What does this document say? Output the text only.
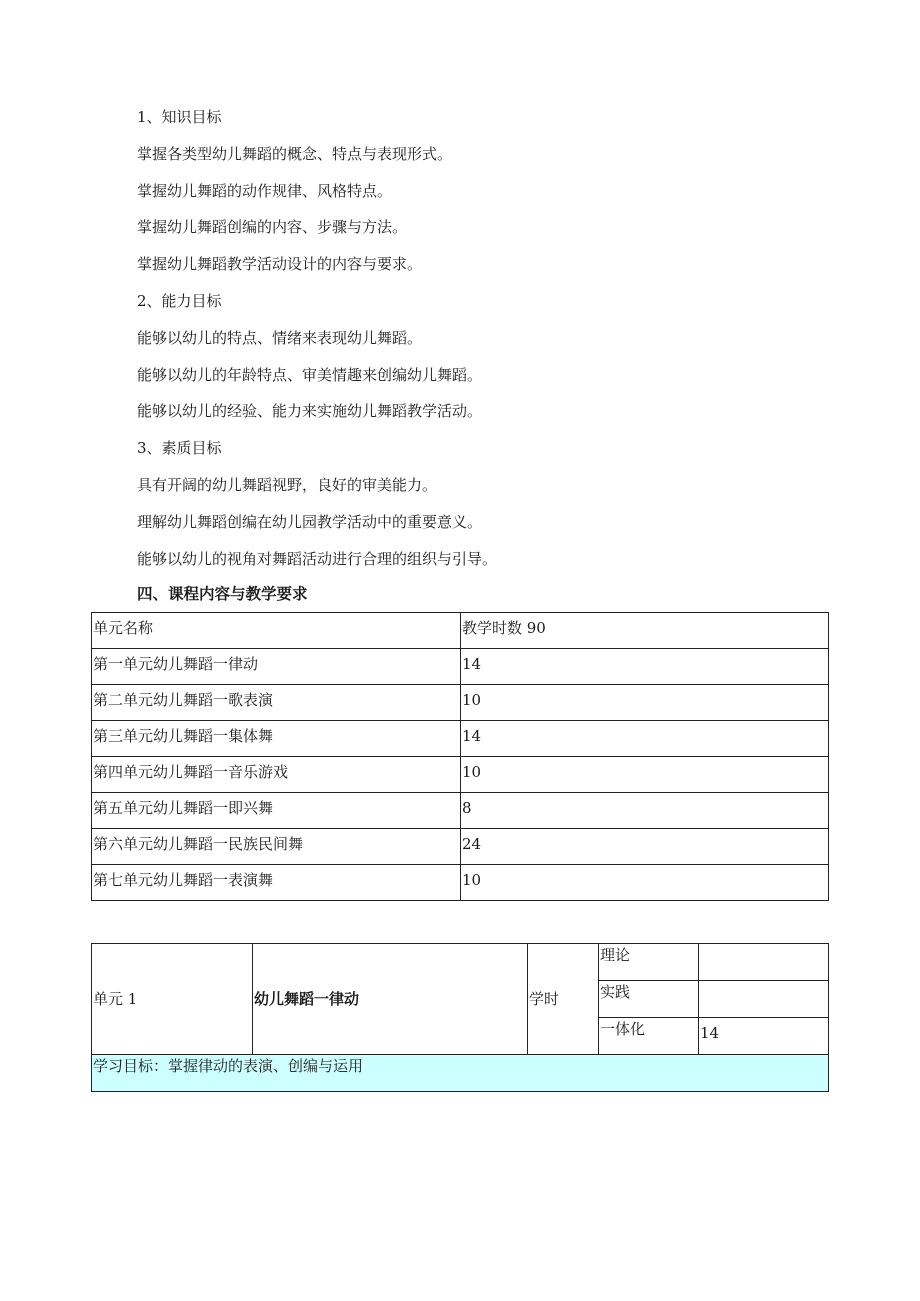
1、知识目标
掌握各类型幼儿舞蹈的概念、特点与表现形式。
掌握幼儿舞蹈的动作规律、风格特点。
掌握幼儿舞蹈创编的内容、步骤与方法。
掌握幼儿舞蹈教学活动设计的内容与要求。
2、能力目标
能够以幼儿的特点、情绪来表现幼儿舞蹈。
能够以幼儿的年龄特点、审美情趣来创编幼儿舞蹈。
能够以幼儿的经验、能力来实施幼儿舞蹈教学活动。
3、素质目标
具有开阔的幼儿舞蹈视野，良好的审美能力。
理解幼儿舞蹈创编在幼儿园教学活动中的重要意义。
能够以幼儿的视角对舞蹈活动进行合理的组织与引导。
四、课程内容与教学要求
单元名称	教学时数 90
第一单元幼儿舞蹈一律动	14
第二单元幼儿舞蹈一歌表演	10
第三单元幼儿舞蹈一集体舞	14
第四单元幼儿舞蹈一音乐游戏	10
第五单元幼儿舞蹈一即兴舞	8
第六单元幼儿舞蹈一民族民间舞	24
第七单元幼儿舞蹈一表演舞	10
单元 1	幼儿舞蹈一律动	学时	理论	
			实践	
			一体化	14
学习目标：掌握律动的表演、创编与运用				
